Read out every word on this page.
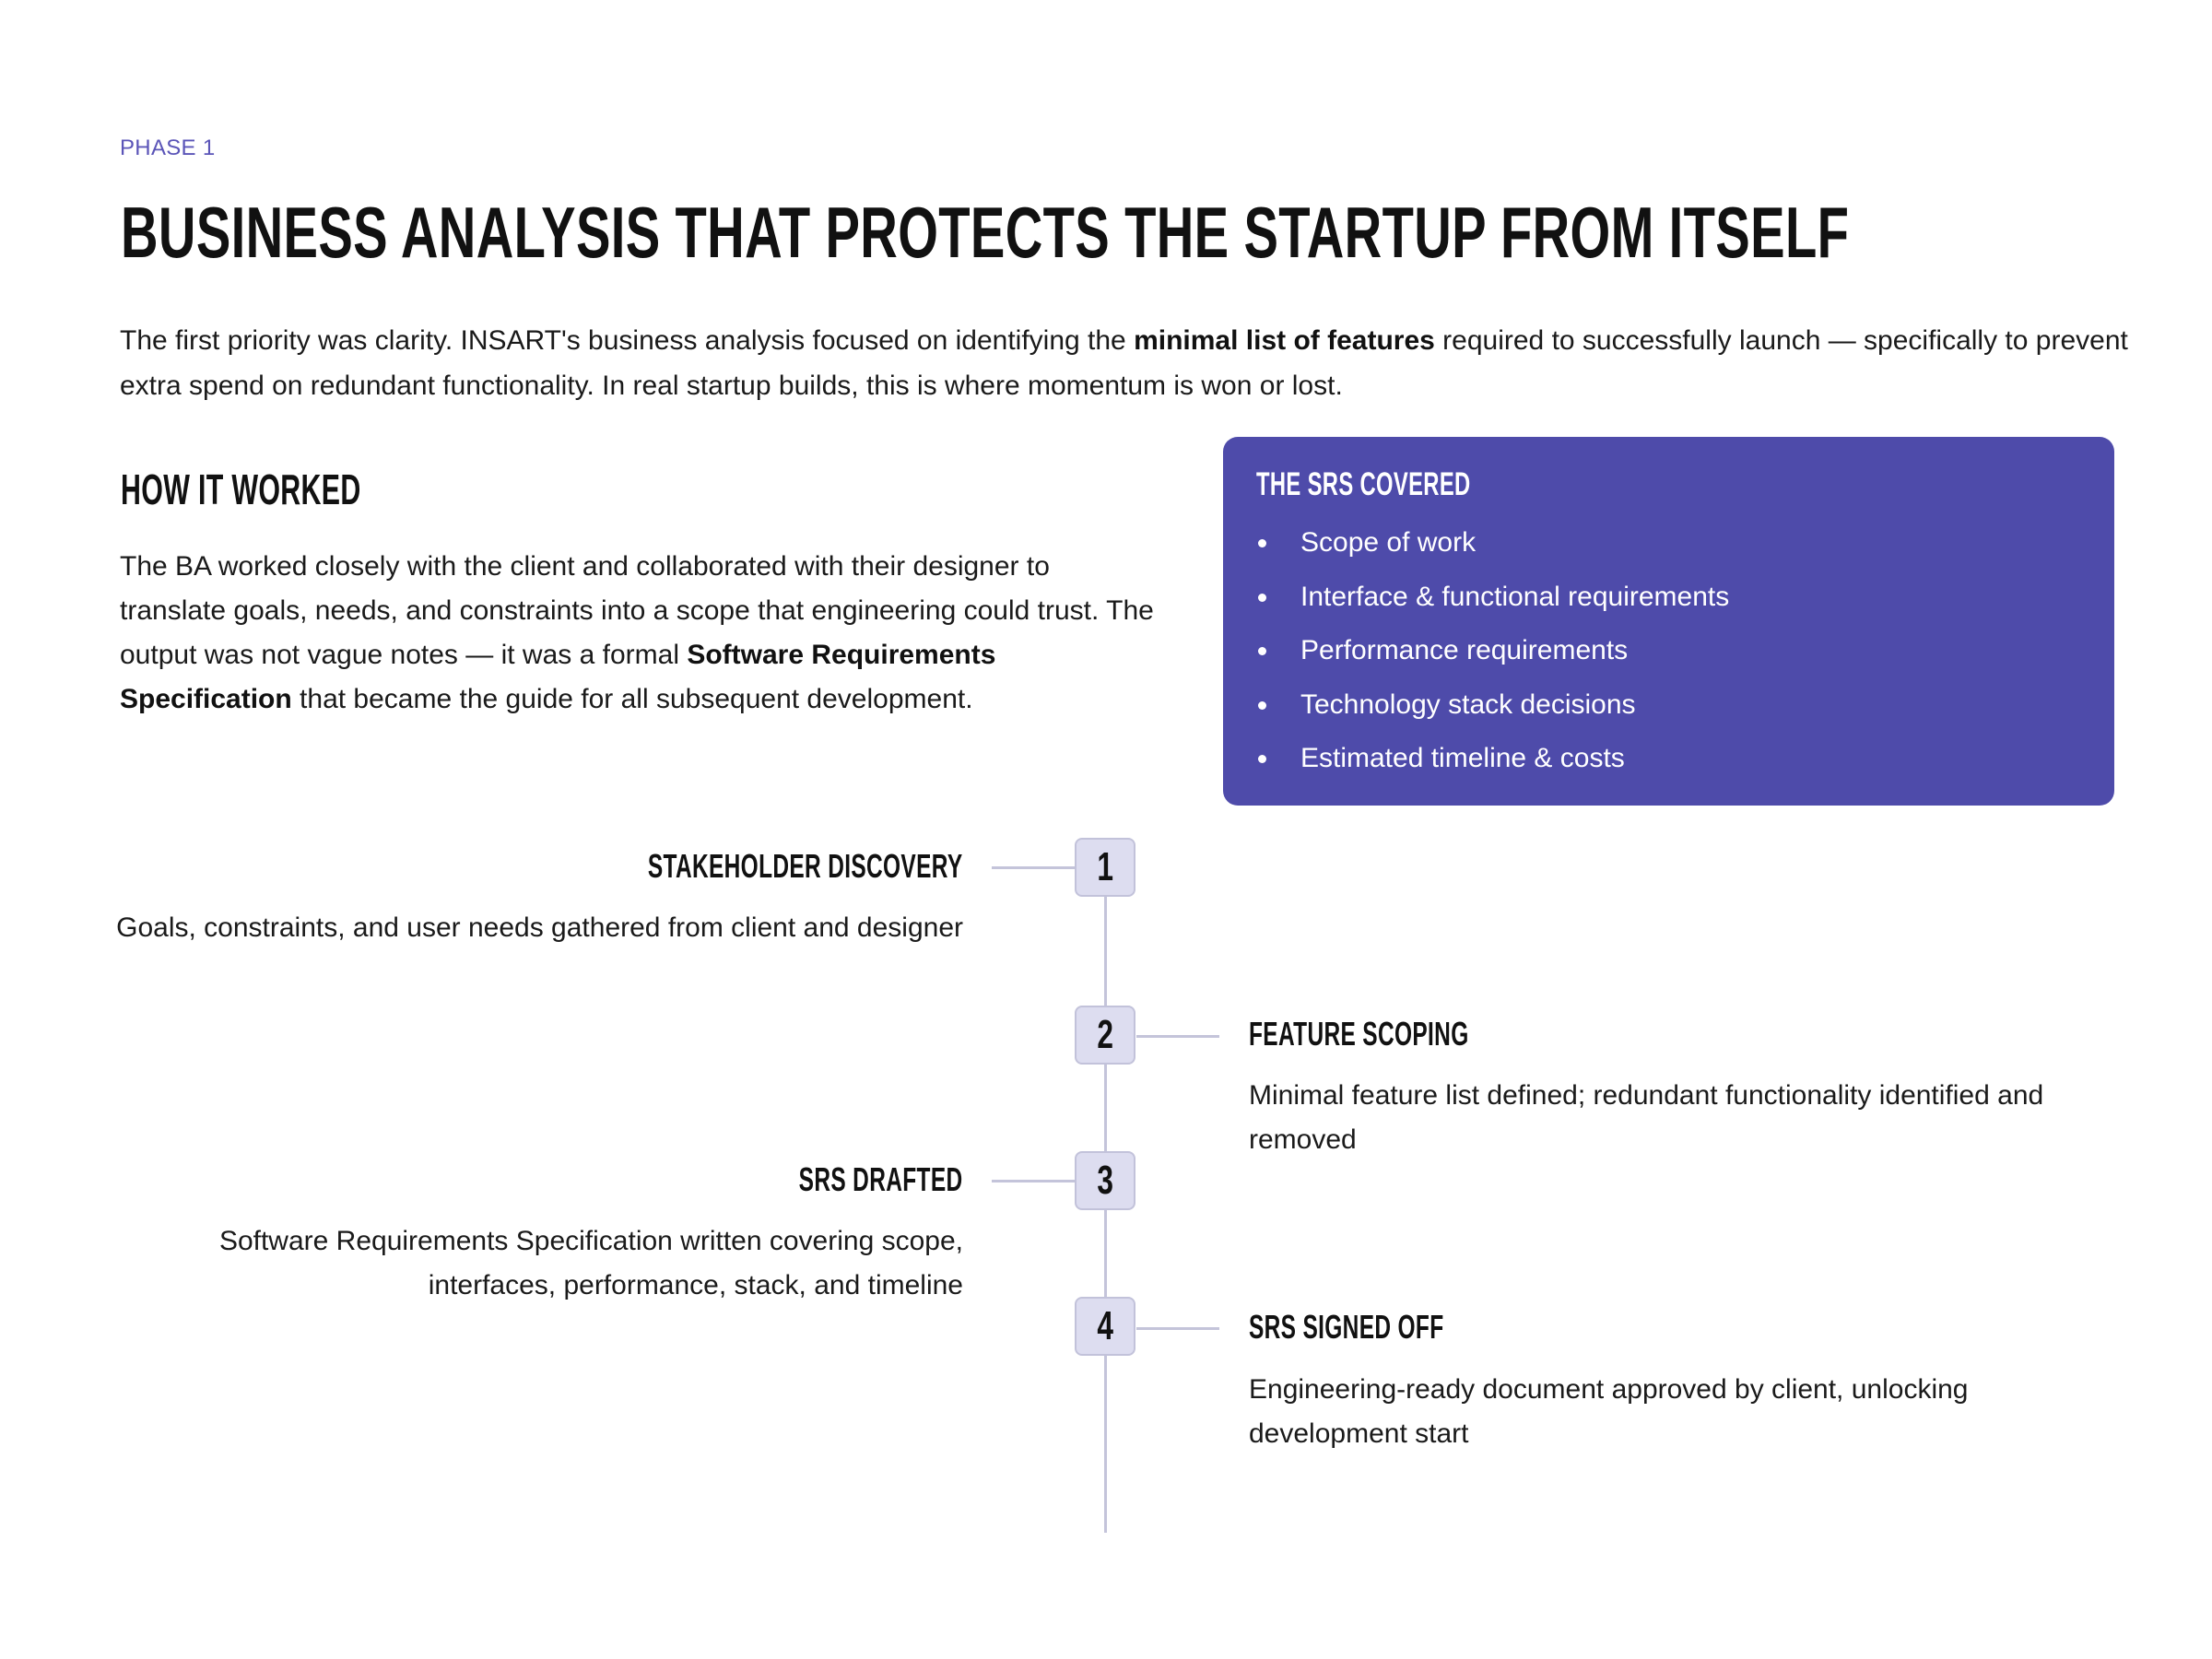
PHASE 1
BUSINESS ANALYSIS THAT PROTECTS THE STARTUP FROM ITSELF

The first priority was clarity. INSART's business analysis focused on identifying the minimal list of features required to successfully launch — specifically to prevent extra spend on redundant functionality. In real startup builds, this is where momentum is won or lost.

HOW IT WORKED

The BA worked closely with the client and collaborated with their designer to translate goals, needs, and constraints into a scope that engineering could trust. The output was not vague notes — it was a formal Software Requirements Specification that became the guide for all subsequent development.

THE SRS COVERED
Scope of work
Interface & functional requirements
Performance requirements
Technology stack decisions
Estimated timeline & costs
1
STAKEHOLDER DISCOVERY
Goals, constraints, and user needs gathered from client and designer
2	FEATURE SCOPING
Minimal feature list defined; redundant functionality identified and removed
3
SRS DRAFTED
Software Requirements Specification written covering scope, interfaces, performance, stack, and timeline
4	SRS SIGNED OFF
Engineering-ready document approved by client, unlocking development start
